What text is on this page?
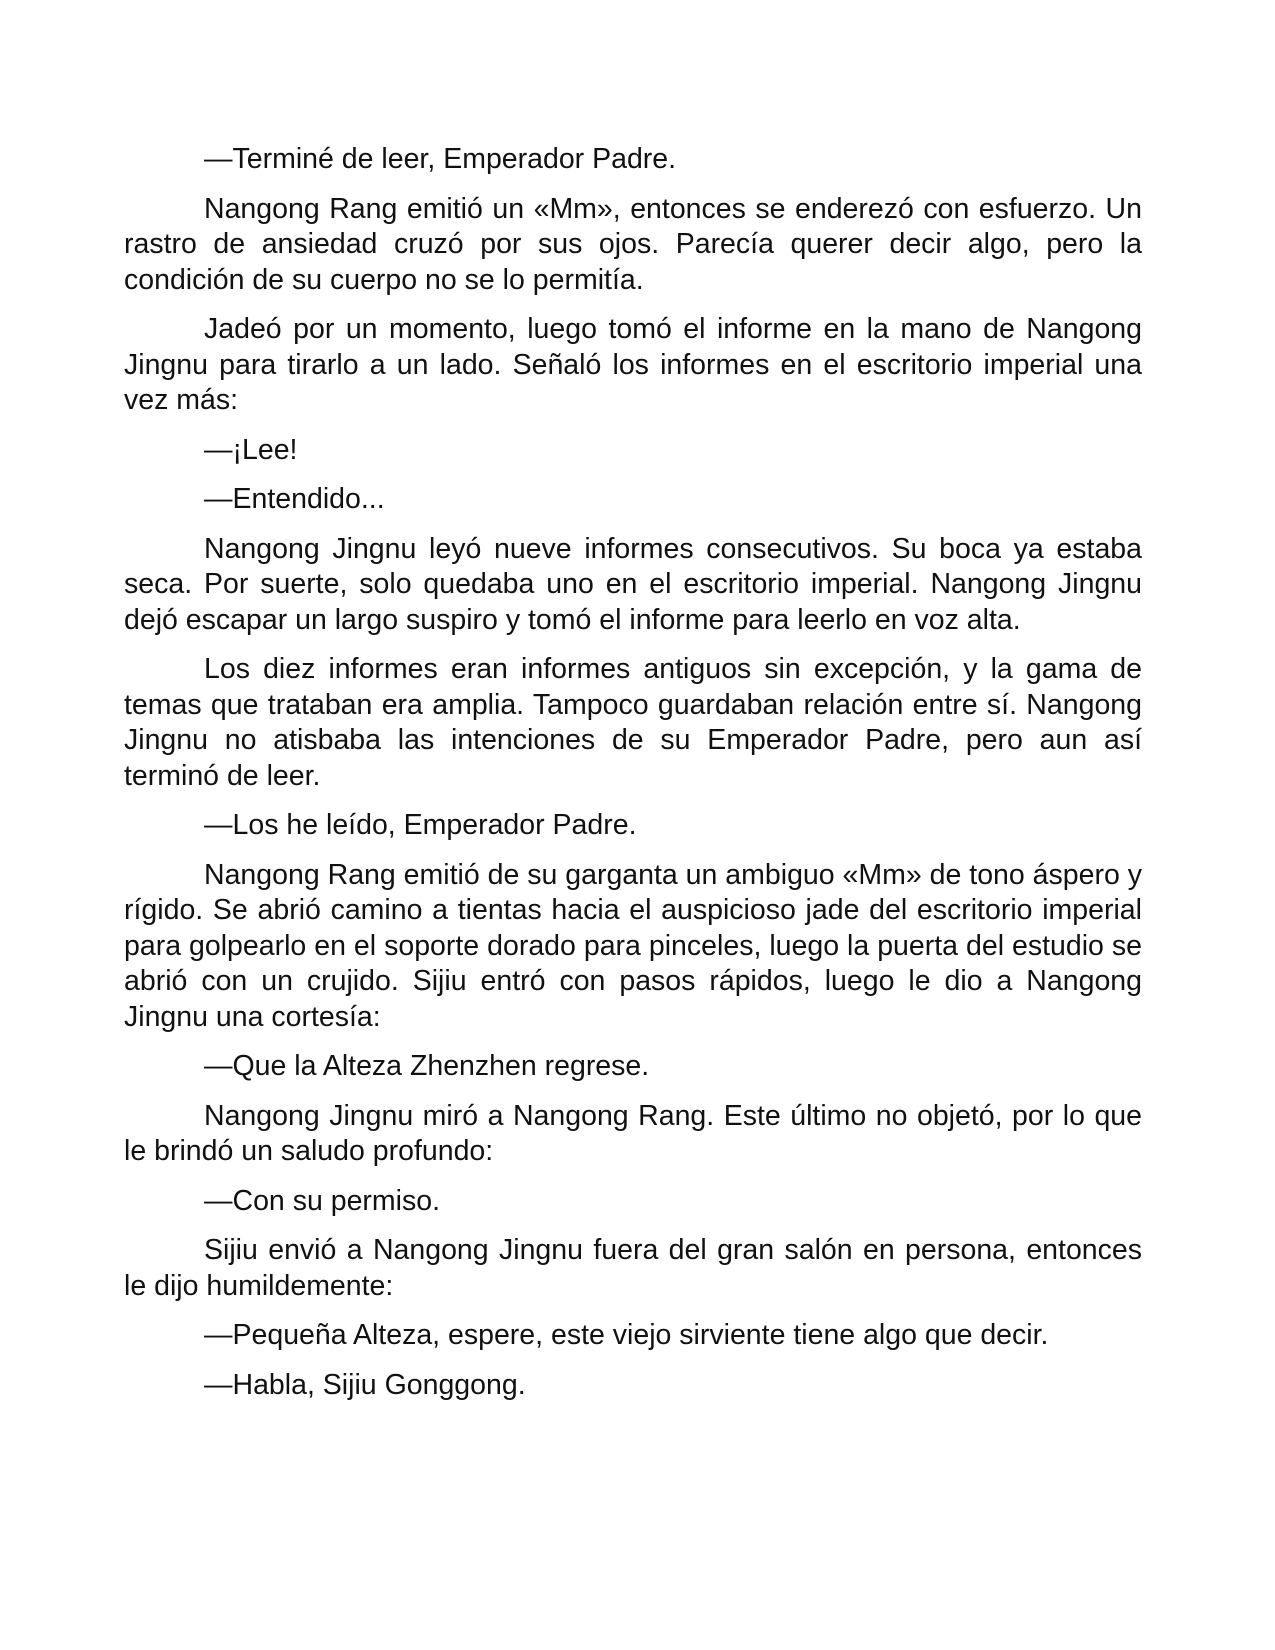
—Terminé de leer, Emperador Padre.

Nangong Rang emitió un «Mm», entonces se enderezó con esfuerzo. Un rastro de ansiedad cruzó por sus ojos. Parecía querer decir algo, pero la condición de su cuerpo no se lo permitía.

Jadeó por un momento, luego tomó el informe en la mano de Nangong Jingnu para tirarlo a un lado. Señaló los informes en el escritorio imperial una vez más:

—¡Lee!

—Entendido...

Nangong Jingnu leyó nueve informes consecutivos. Su boca ya estaba seca. Por suerte, solo quedaba uno en el escritorio imperial. Nangong Jingnu dejó escapar un largo suspiro y tomó el informe para leerlo en voz alta.

Los diez informes eran informes antiguos sin excepción, y la gama de temas que trataban era amplia. Tampoco guardaban relación entre sí. Nangong Jingnu no atisbaba las intenciones de su Emperador Padre, pero aun así terminó de leer.

—Los he leído, Emperador Padre.

Nangong Rang emitió de su garganta un ambiguo «Mm» de tono áspero y rígido. Se abrió camino a tientas hacia el auspicioso jade del escritorio imperial para golpearlo en el soporte dorado para pinceles, luego la puerta del estudio se abrió con un crujido. Sijiu entró con pasos rápidos, luego le dio a Nangong Jingnu una cortesía:

—Que la Alteza Zhenzhen regrese.

Nangong Jingnu miró a Nangong Rang. Este último no objetó, por lo que le brindó un saludo profundo:

—Con su permiso.

Sijiu envió a Nangong Jingnu fuera del gran salón en persona, entonces le dijo humildemente:

—Pequeña Alteza, espere, este viejo sirviente tiene algo que decir.

—Habla, Sijiu Gonggong.
